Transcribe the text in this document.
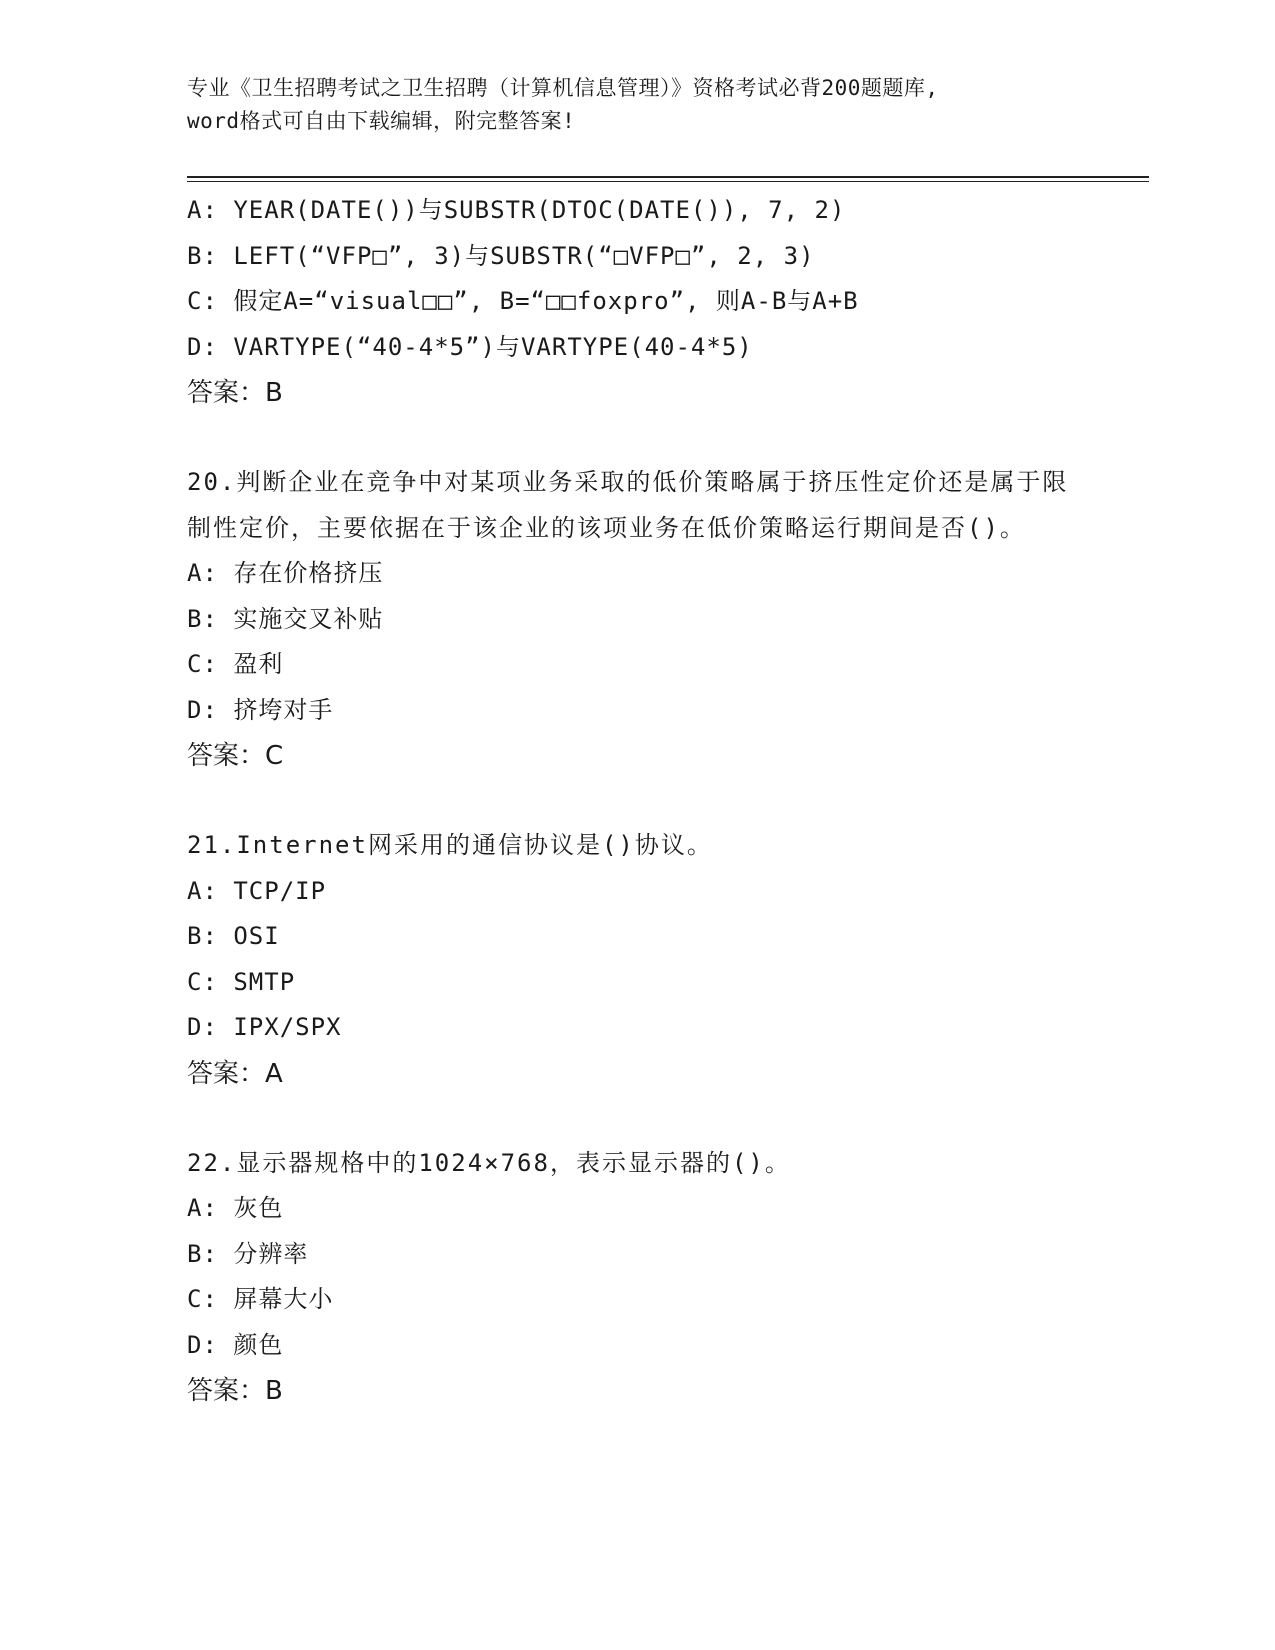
专业《卫生招聘考试之卫生招聘（计算机信息管理）》资格考试必背200题题库,
word格式可自由下载编辑，附完整答案!
A: YEAR(DATE())与SUBSTR(DTOC(DATE()), 7, 2)
B: LEFT(“VFP□”, 3)与SUBSTR(“□VFP□”, 2, 3)
C: 假定A=“visual□□”, B=“□□foxpro”, 则A-B与A+B
D: VARTYPE(“40-4*5”)与VARTYPE(40-4*5)
答案：B
20.判断企业在竞争中对某项业务采取的低价策略属于挤压性定价还是属于限制性定价，主要依据在于该企业的该项业务在低价策略运行期间是否()。
A: 存在价格挤压
B: 实施交叉补贴
C: 盈利
D: 挤垮对手
答案：C
21.Internet网采用的通信协议是()协议。
A: TCP/IP
B: OSI
C: SMTP
D: IPX/SPX
答案：A
22.显示器规格中的1024×768，表示显示器的()。
A: 灰色
B: 分辨率
C: 屏幕大小
D: 颜色
答案：B
